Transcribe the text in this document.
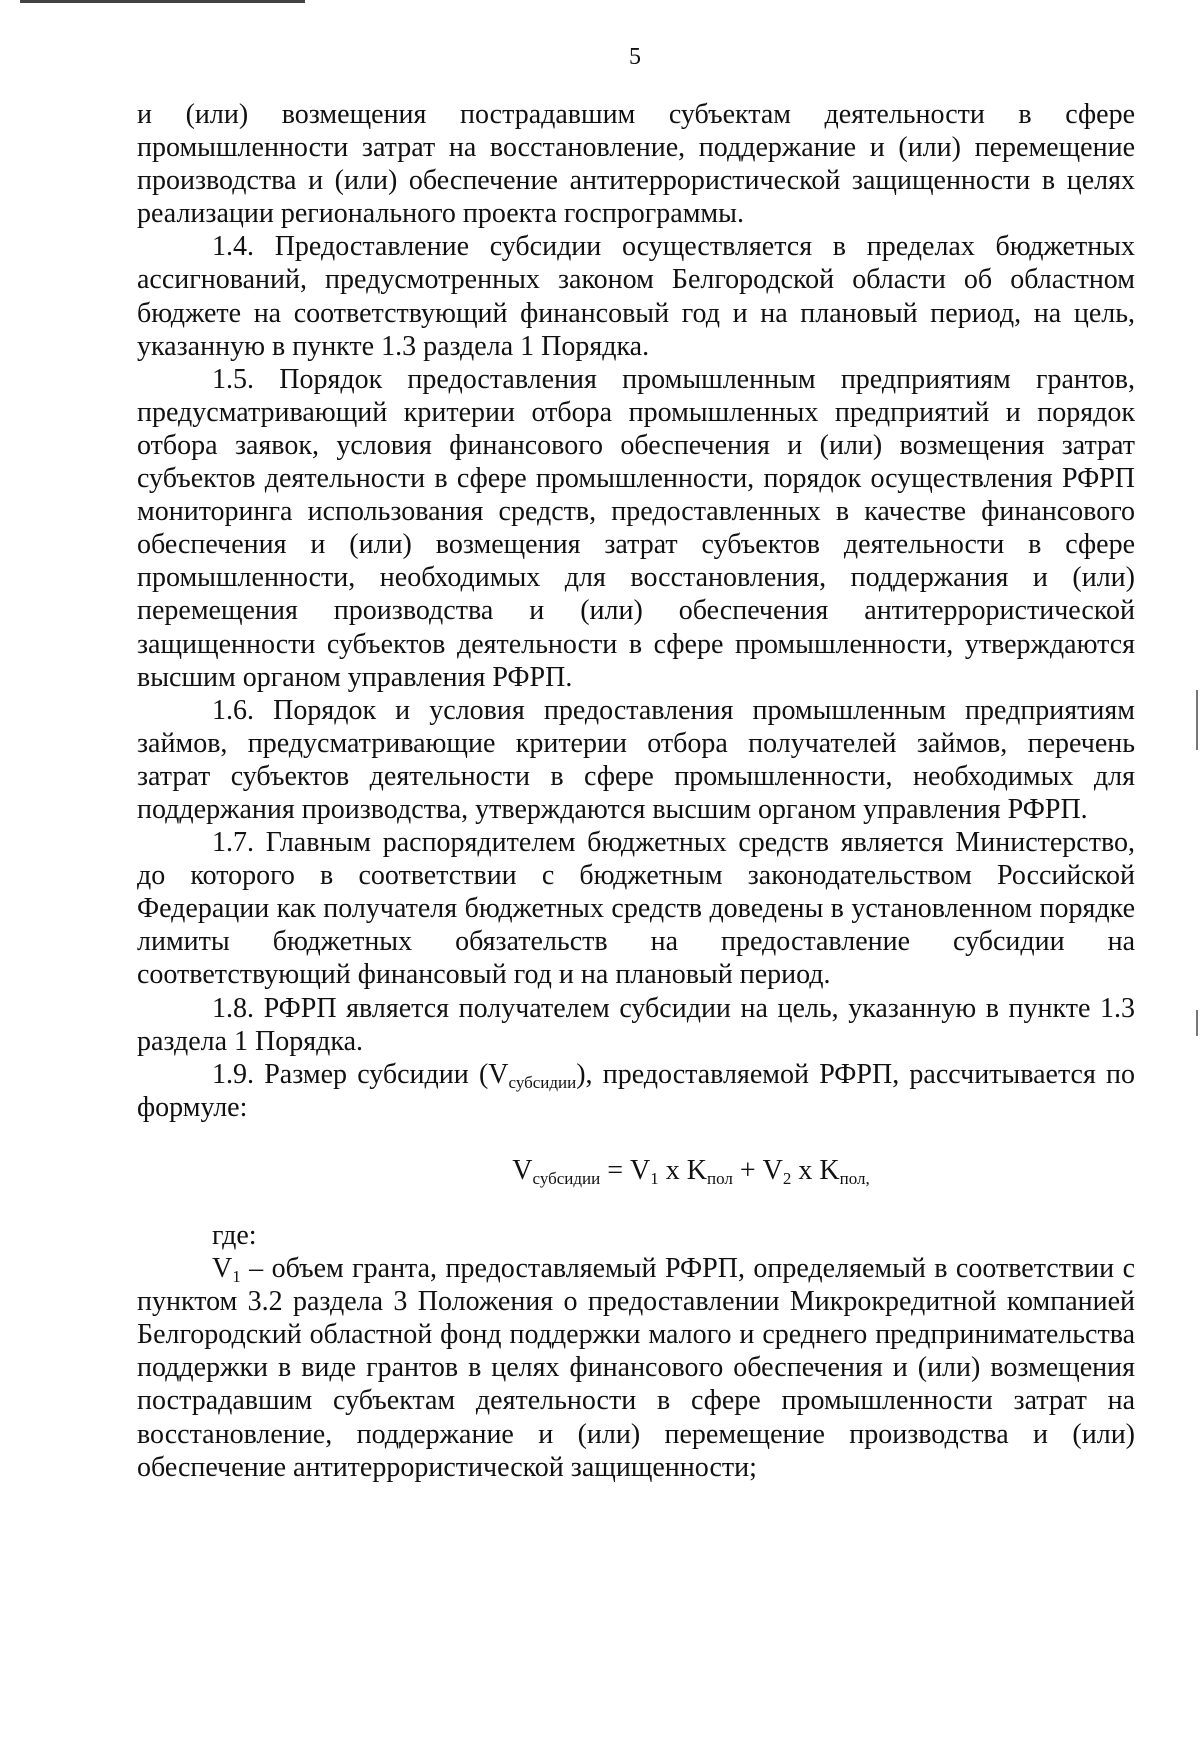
5

и (или) возмещения пострадавшим субъектам деятельности в сфере промышленности затрат на восстановление, поддержание и (или) перемещение производства и (или) обеспечение антитеррористической защищенности в целях реализации регионального проекта госпрограммы.

1.4. Предоставление субсидии осуществляется в пределах бюджетных ассигнований, предусмотренных законом Белгородской области об областном бюджете на соответствующий финансовый год и на плановый период, на цель, указанную в пункте 1.3 раздела 1 Порядка.

1.5. Порядок предоставления промышленным предприятиям грантов, предусматривающий критерии отбора промышленных предприятий и порядок отбора заявок, условия финансового обеспечения и (или) возмещения затрат субъектов деятельности в сфере промышленности, порядок осуществления РФРП мониторинга использования средств, предоставленных в качестве финансового обеспечения и (или) возмещения затрат субъектов деятельности в сфере промышленности, необходимых для восстановления, поддержания и (или) перемещения производства и (или) обеспечения антитеррористической защищенности субъектов деятельности в сфере промышленности, утверждаются высшим органом управления РФРП.

1.6. Порядок и условия предоставления промышленным предприятиям займов, предусматривающие критерии отбора получателей займов, перечень затрат субъектов деятельности в сфере промышленности, необходимых для поддержания производства, утверждаются высшим органом управления РФРП.

1.7. Главным распорядителем бюджетных средств является Министерство, до которого в соответствии с бюджетным законодательством Российской Федерации как получателя бюджетных средств доведены в установленном порядке лимиты бюджетных обязательств на предоставление субсидии на соответствующий финансовый год и на плановый период.

1.8. РФРП является получателем субсидии на цель, указанную в пункте 1.3 раздела 1 Порядка.

1.9. Размер субсидии $(V_{субсидии})$, предоставляемой РФРП, рассчитывается по формуле:

$V_{субсидии} = V_1$ х $K_{пол} + V_2$ х $K_{пол,}$

где:

$V_1$ – объем гранта, предоставляемый РФРП, определяемый в соответствии с пунктом 3.2 раздела 3 Положения о предоставлении Микрокредитной компанией Белгородский областной фонд поддержки малого и среднего предпринимательства поддержки в виде грантов в целях финансового обеспечения и (или) возмещения пострадавшим субъектам деятельности в сфере промышленности затрат на восстановление, поддержание и (или) перемещение производства и (или) обеспечение антитеррористической защищенности;
